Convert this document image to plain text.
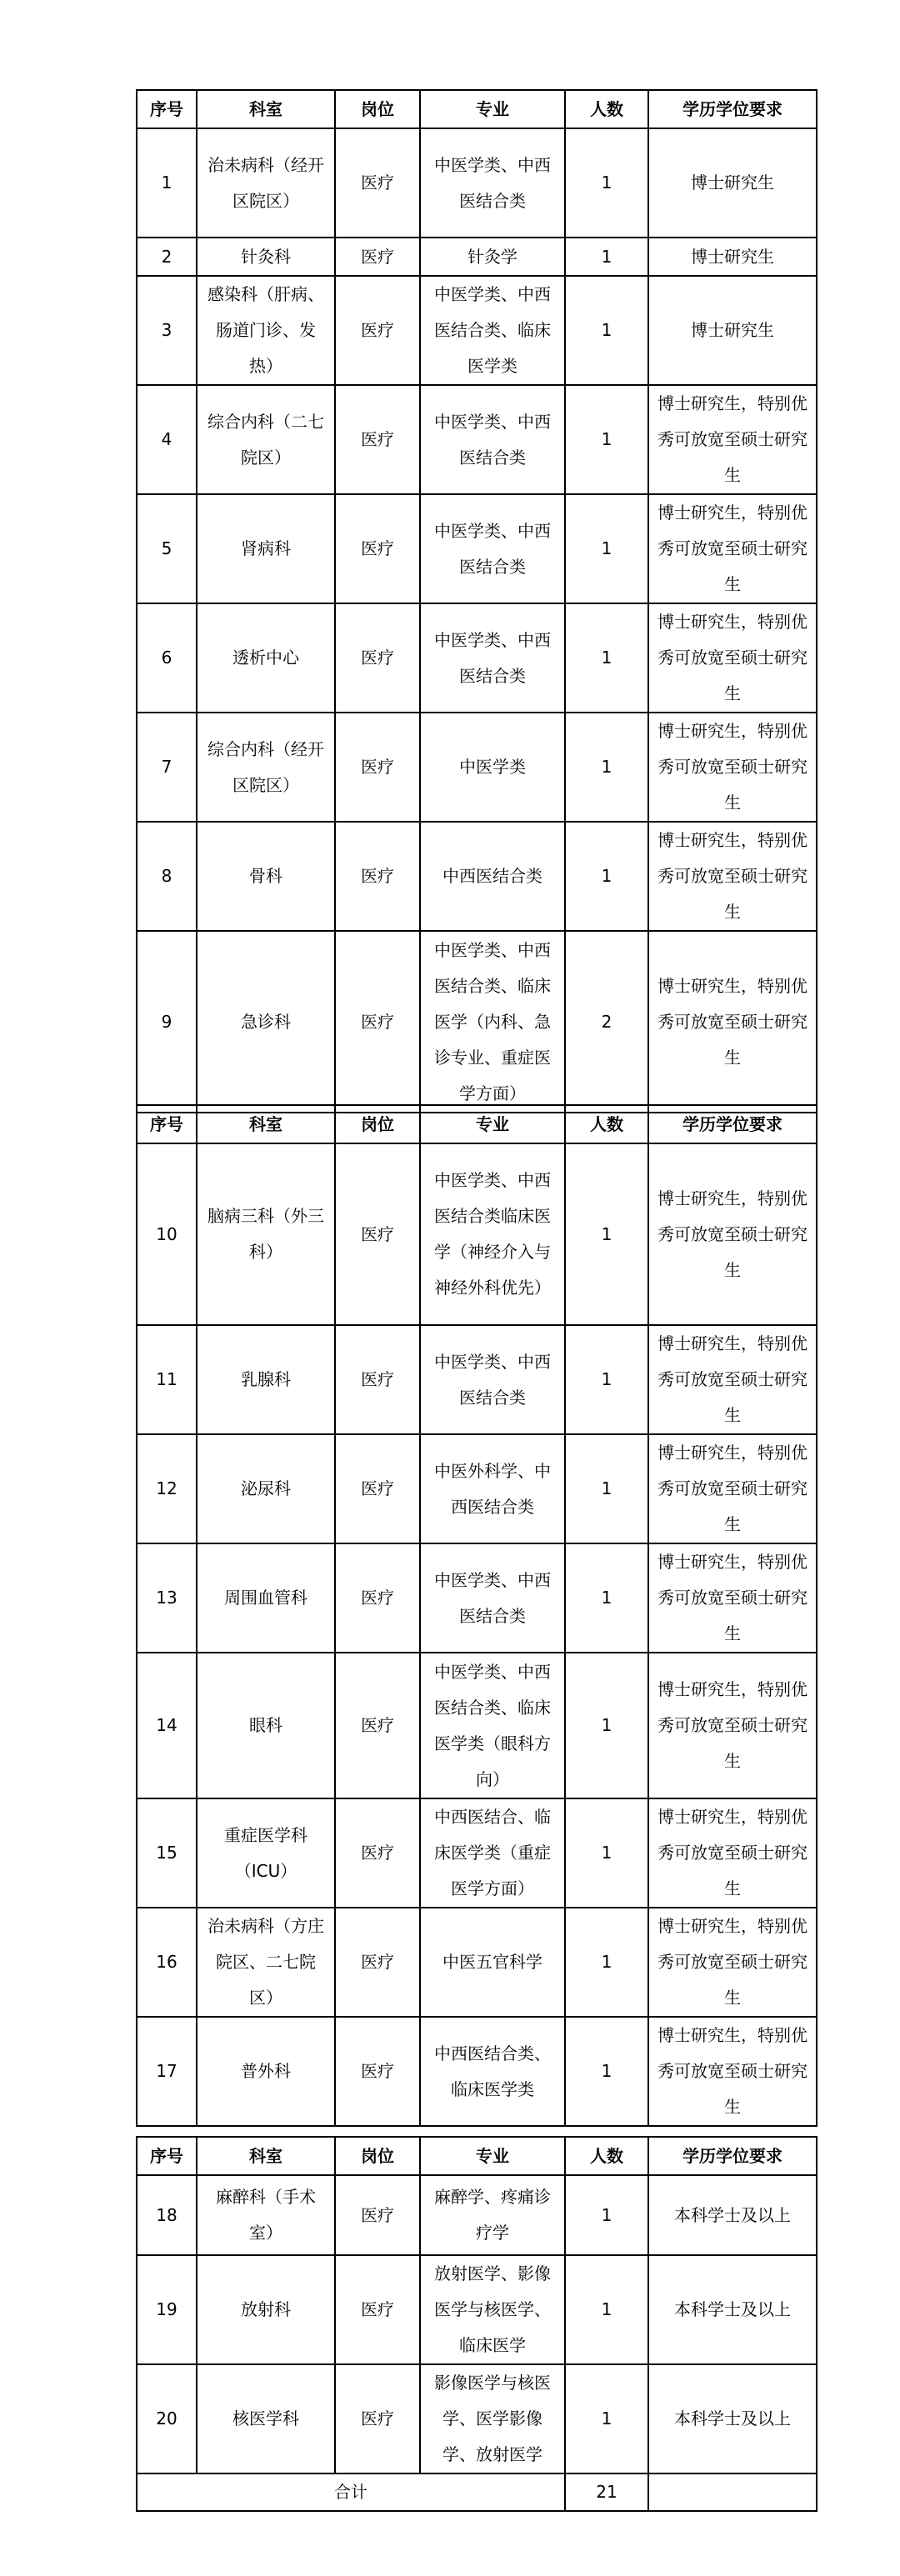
序号	科室	岗位	专业	人数	学历学位要求
1	治未病科（经开区院区）	医疗	中医学类、中西医结合类	1	博士研究生
2	针灸科	医疗	针灸学	1	博士研究生
3	感染科（肝病、肠道门诊、发热）	医疗	中医学类、中西医结合类、临床医学类	1	博士研究生
4	综合内科（二七院区）	医疗	中医学类、中西医结合类	1	博士研究生，特别优秀可放宽至硕士研究生
5	肾病科	医疗	中医学类、中西医结合类	1	博士研究生，特别优秀可放宽至硕士研究生
6	透析中心	医疗	中医学类、中西医结合类	1	博士研究生，特别优秀可放宽至硕士研究生
7	综合内科（经开区院区）	医疗	中医学类	1	博士研究生，特别优秀可放宽至硕士研究生
8	骨科	医疗	中西医结合类	1	博士研究生，特别优秀可放宽至硕士研究生
9	急诊科	医疗	中医学类、中西医结合类、临床医学（内科、急诊专业、重症医学方面）	2	博士研究生，特别优秀可放宽至硕士研究生
序号	科室	岗位	专业	人数	学历学位要求
10	脑病三科（外三科）	医疗	中医学类、中西医结合类临床医学（神经介入与神经外科优先）	1	博士研究生，特别优秀可放宽至硕士研究生
11	乳腺科	医疗	中医学类、中西医结合类	1	博士研究生，特别优秀可放宽至硕士研究生
12	泌尿科	医疗	中医外科学、中西医结合类	1	博士研究生，特别优秀可放宽至硕士研究生
13	周围血管科	医疗	中医学类、中西医结合类	1	博士研究生，特别优秀可放宽至硕士研究生
14	眼科	医疗	中医学类、中西医结合类、临床医学类（眼科方向）	1	博士研究生，特别优秀可放宽至硕士研究生
15	重症医学科（ICU）	医疗	中西医结合、临床医学类（重症医学方面）	1	博士研究生，特别优秀可放宽至硕士研究生
16	治未病科（方庄院区、二七院区）	医疗	中医五官科学	1	博士研究生，特别优秀可放宽至硕士研究生
17	普外科	医疗	中西医结合类、临床医学类	1	博士研究生，特别优秀可放宽至硕士研究生
序号	科室	岗位	专业	人数	学历学位要求
18	麻醉科（手术室）	医疗	麻醉学、疼痛诊疗学	1	本科学士及以上
19	放射科	医疗	放射医学、影像医学与核医学、临床医学	1	本科学士及以上
20	核医学科	医疗	影像医学与核医学、医学影像学、放射医学	1	本科学士及以上
合计				21	
